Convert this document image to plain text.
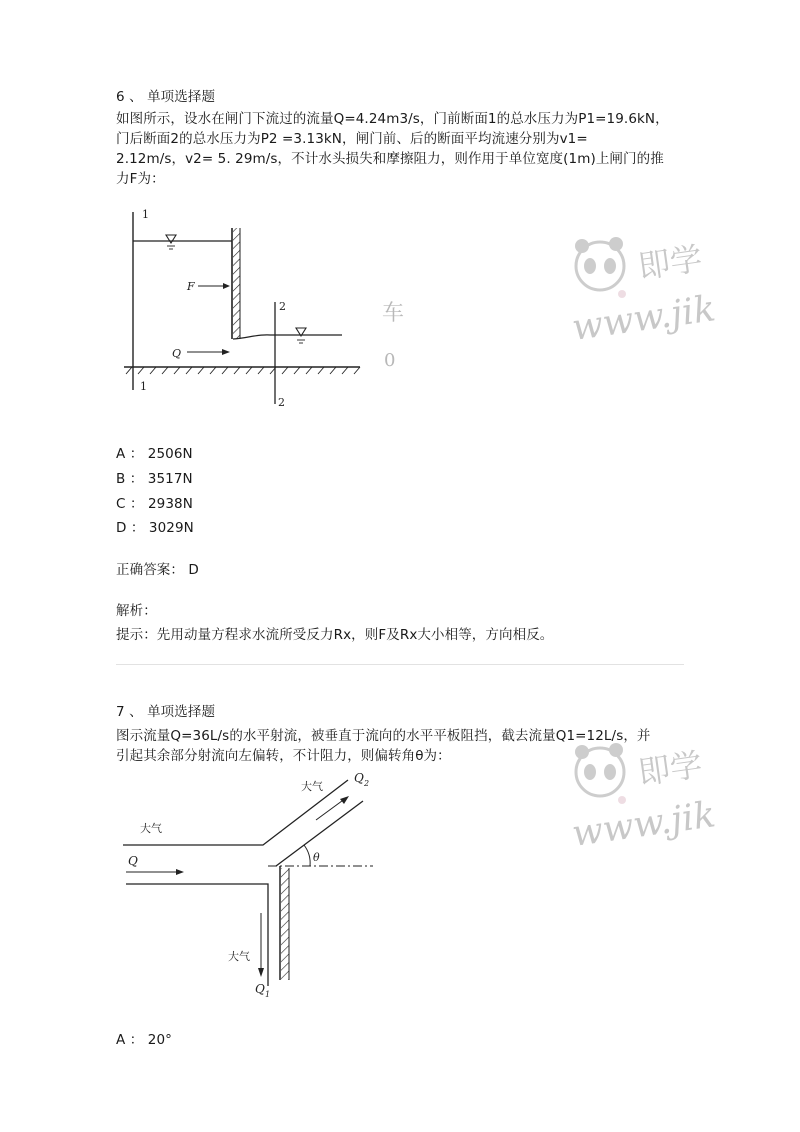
6 、 单项选择题
如图所示，设水在闸门下流过的流量Q=4.24m3/s，门前断面1的总水压力为P1=19.6kN，
门后断面2的总水压力为P2 =3.13kN，闸门前、后的断面平均流速分别为v1=
2.12m/s，v2= 5. 29m/s，不计水头损失和摩擦阻力，则作用于单位宽度(1m)上闸门的推
力F为：
1
1
F
2
2
Q
车
0
A ： 2506N
B ： 3517N
C ： 2938N
D ： 3029N
正确答案： D
解析：
提示：先用动量方程求水流所受反力Rx，则F及Rx大小相等，方向相反。
7 、 单项选择题
图示流量Q=36L/s的水平射流，被垂直于流向的水平平板阻挡，截去流量Q1=12L/s，并
引起其余部分射流向左偏转，不计阻力，则偏转角θ为：
θ
Q
大气
大气
大气
Q 2
Q 1
A ： 20°
即学
www.jik
即学
www.jik
